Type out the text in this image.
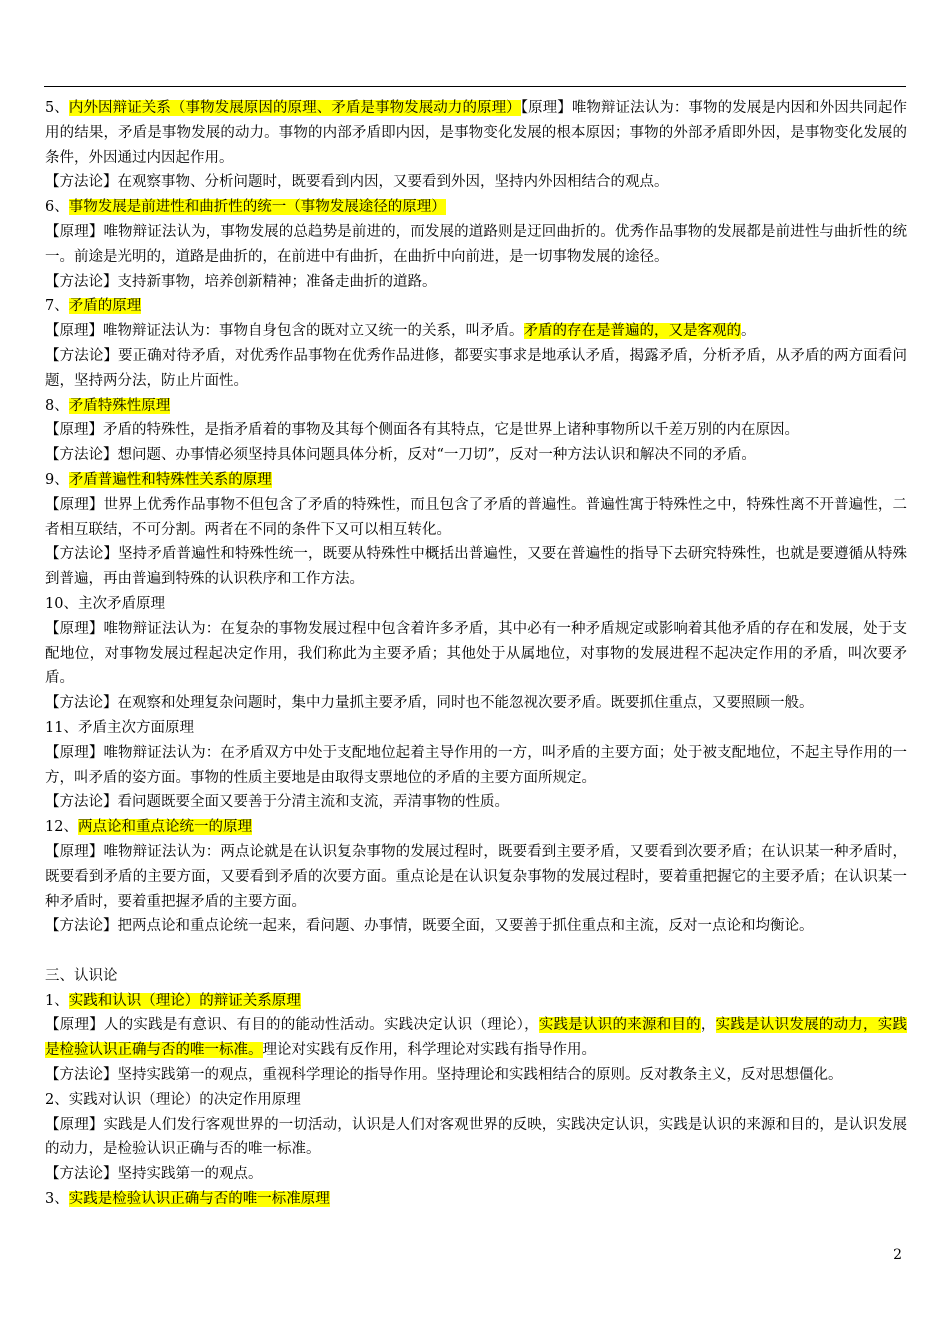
5、内外因辩证关系（事物发展原因的原理、矛盾是事物发展动力的原理）【原理】唯物辩证法认为：事物的发展是内因和外因共同起作用的结果，矛盾是事物发展的动力。事物的内部矛盾即内因，是事物变化发展的根本原因；事物的外部矛盾即外因，是事物变化发展的条件，外因通过内因起作用。

【方法论】在观察事物、分析问题时，既要看到内因，又要看到外因，坚持内外因相结合的观点。

6、事物发展是前进性和曲折性的统一（事物发展途径的原理）

【原理】唯物辩证法认为，事物发展的总趋势是前进的，而发展的道路则是迂回曲折的。优秀作品事物的发展都是前进性与曲折性的统一。前途是光明的，道路是曲折的，在前进中有曲折，在曲折中向前进，是一切事物发展的途径。

【方法论】支持新事物，培养创新精神；准备走曲折的道路。

7、矛盾的原理

【原理】唯物辩证法认为：事物自身包含的既对立又统一的关系，叫矛盾。矛盾的存在是普遍的，又是客观的。

【方法论】要正确对待矛盾，对优秀作品事物在优秀作品进修，都要实事求是地承认矛盾，揭露矛盾，分析矛盾，从矛盾的两方面看问题，坚持两分法，防止片面性。

8、矛盾特殊性原理

【原理】矛盾的特殊性，是指矛盾着的事物及其每个侧面各有其特点，它是世界上诸种事物所以千差万别的内在原因。

【方法论】想问题、办事情必须坚持具体问题具体分析，反对“一刀切”，反对一种方法认识和解决不同的矛盾。

9、矛盾普遍性和特殊性关系的原理

【原理】世界上优秀作品事物不但包含了矛盾的特殊性，而且包含了矛盾的普遍性。普遍性寓于特殊性之中，特殊性离不开普遍性，二者相互联结，不可分割。两者在不同的条件下又可以相互转化。

【方法论】坚持矛盾普遍性和特殊性统一，既要从特殊性中概括出普遍性，又要在普遍性的指导下去研究特殊性，也就是要遵循从特殊到普遍，再由普遍到特殊的认识秩序和工作方法。

10、主次矛盾原理

【原理】唯物辩证法认为：在复杂的事物发展过程中包含着许多矛盾，其中必有一种矛盾规定或影响着其他矛盾的存在和发展，处于支配地位，对事物发展过程起决定作用，我们称此为主要矛盾；其他处于从属地位，对事物的发展进程不起决定作用的矛盾，叫次要矛盾。

【方法论】在观察和处理复杂问题时，集中力量抓主要矛盾，同时也不能忽视次要矛盾。既要抓住重点，又要照顾一般。

11、矛盾主次方面原理

【原理】唯物辩证法认为：在矛盾双方中处于支配地位起着主导作用的一方，叫矛盾的主要方面；处于被支配地位，不起主导作用的一方，叫矛盾的姿方面。事物的性质主要地是由取得支票地位的矛盾的主要方面所规定。

【方法论】看问题既要全面又要善于分清主流和支流，弄清事物的性质。

12、两点论和重点论统一的原理

【原理】唯物辩证法认为：两点论就是在认识复杂事物的发展过程时，既要看到主要矛盾，又要看到次要矛盾；在认识某一种矛盾时，既要看到矛盾的主要方面，又要看到矛盾的次要方面。重点论是在认识复杂事物的发展过程时，要着重把握它的主要矛盾；在认识某一种矛盾时，要着重把握矛盾的主要方面。

【方法论】把两点论和重点论统一起来，看问题、办事情，既要全面，又要善于抓住重点和主流，反对一点论和均衡论。

三、认识论

1、实践和认识（理论）的辩证关系原理

【原理】人的实践是有意识、有目的的能动性活动。实践决定认识（理论），实践是认识的来源和目的，实践是认识发展的动力，实践是检验认识正确与否的唯一标准。理论对实践有反作用，科学理论对实践有指导作用。

【方法论】坚持实践第一的观点，重视科学理论的指导作用。坚持理论和实践相结合的原则。反对教条主义，反对思想僵化。

2、实践对认识（理论）的决定作用原理

【原理】实践是人们发行客观世界的一切活动，认识是人们对客观世界的反映，实践决定认识，实践是认识的来源和目的，是认识发展的动力，是检验认识正确与否的唯一标准。

【方法论】坚持实践第一的观点。

3、实践是检验认识正确与否的唯一标准原理

2
